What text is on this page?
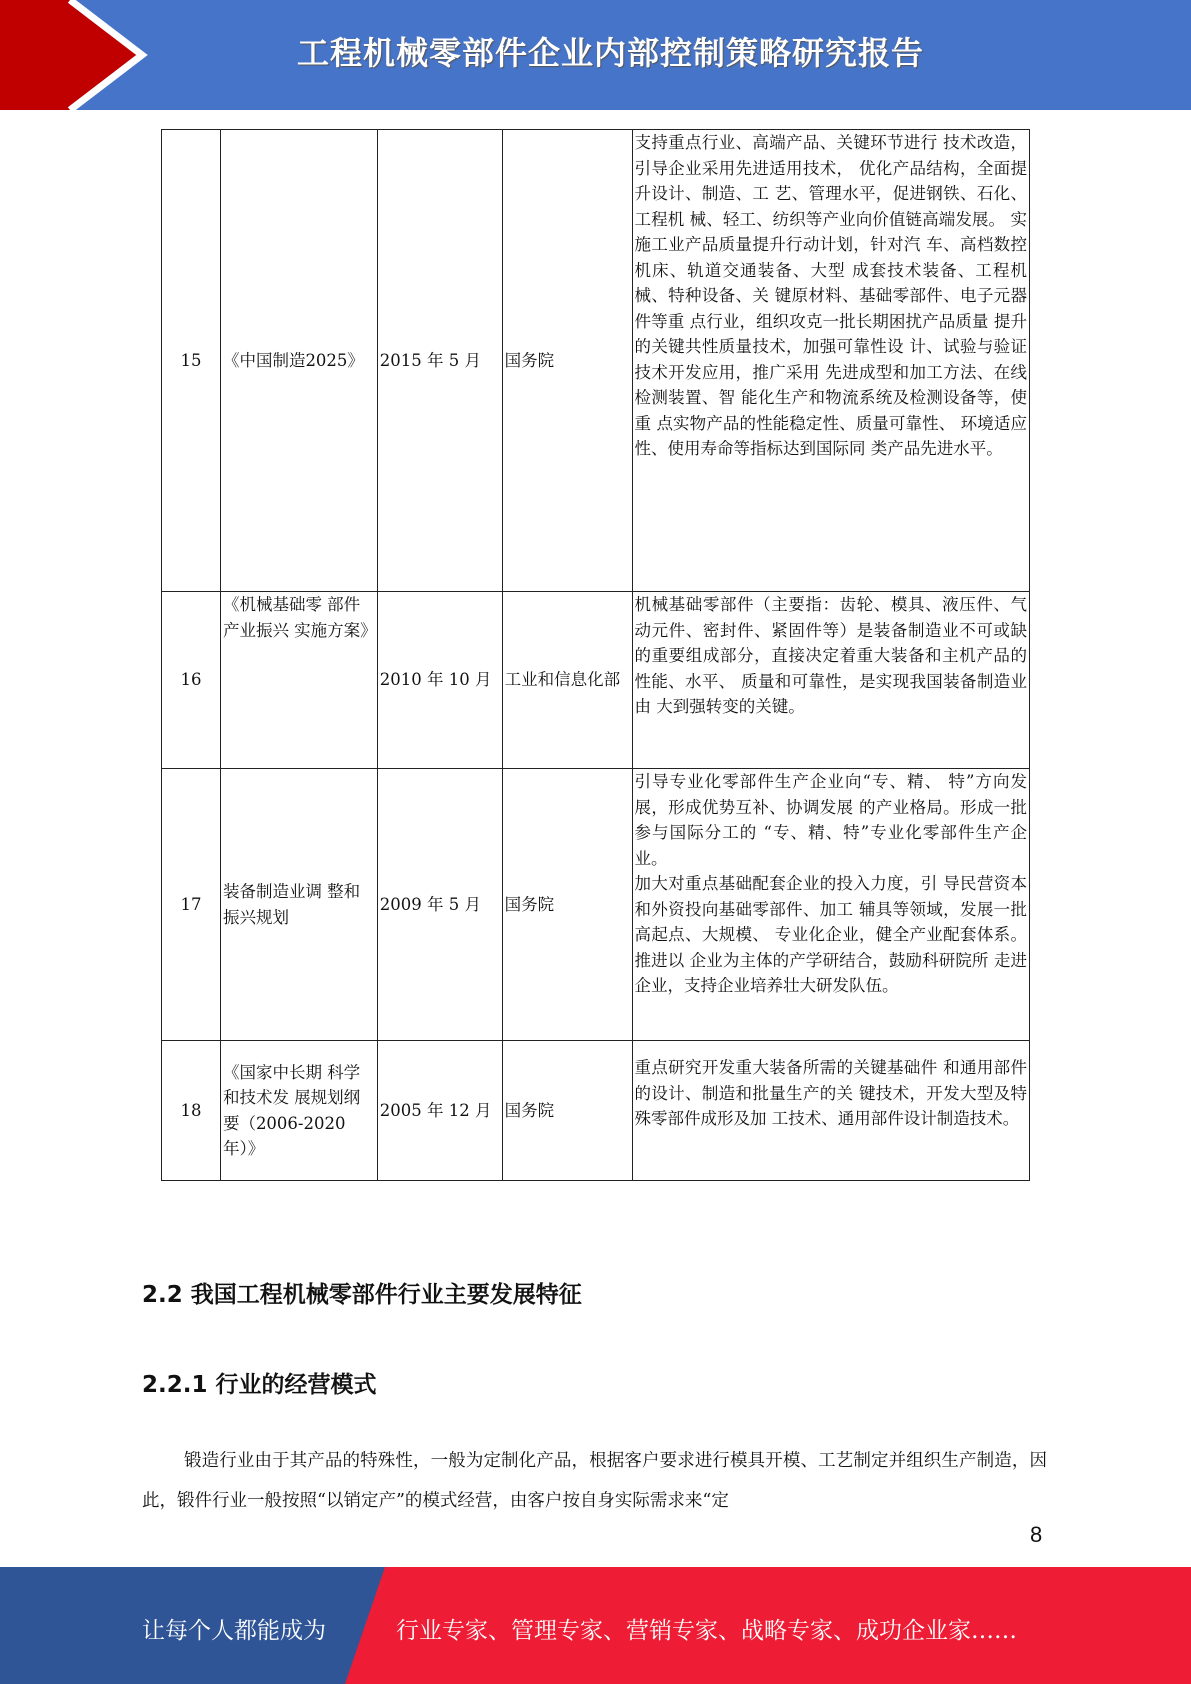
工程机械零部件企业内部控制策略研究报告
15	《中国制造2025》	2015 年 5 月	国务院	支持重点行业、高端产品、关键环节进行 技术改造，引导企业采用先进适用技术， 优化产品结构，全面提升设计、制造、工 艺、管理水平，促进钢铁、石化、工程机 械、轻工、纺织等产业向价值链高端发展。 实施工业产品质量提升行动计划，针对汽 车、高档数控机床、轨道交通装备、大型 成套技术装备、工程机械、特种设备、关 键原材料、基础零部件、电子元器件等重 点行业，组织攻克一批长期困扰产品质量 提升的关键共性质量技术，加强可靠性设 计、试验与验证技术开发应用，推广采用 先进成型和加工方法、在线检测装置、智 能化生产和物流系统及检测设备等，使重 点实物产品的性能稳定性、质量可靠性、 环境适应性、使用寿命等指标达到国际同 类产品先进水平。
16	《机械基础零 部件产业振兴 实施方案》	2010 年 10 月	工业和信息化部	机械基础零部件（主要指：齿轮、模具、液压件、气动元件、密封件、紧固件等）是装备制造业不可或缺的重要组成部分，直接决定着重大装备和主机产品的性能、水平、 质量和可靠性，是实现我国装备制造业由 大到强转变的关键。
17	装备制造业调 整和振兴规划	2009 年 5 月	国务院	引导专业化零部件生产企业向“专、精、 特”方向发展，形成优势互补、协调发展 的产业格局。形成一批参与国际分工的 “专、精、特”专业化零部件生产企业。
加大对重点基础配套企业的投入力度，引 导民营资本和外资投向基础零部件、加工 辅具等领域，发展一批高起点、大规模、 专业化企业，健全产业配套体系。推进以 企业为主体的产学研结合，鼓励科研院所 走进企业，支持企业培养壮大研发队伍。

18	《国家中长期 科学和技术发 展规划纲要（2006-2020年）》	2005 年 12 月	国务院	重点研究开发重大装备所需的关键基础件 和通用部件的设计、制造和批量生产的关 键技术，开发大型及特殊零部件成形及加 工技术、通用部件设计制造技术。
2.2 我国工程机械零部件行业主要发展特征
2.2.1 行业的经营模式
锻造行业由于其产品的特殊性，一般为定制化产品，根据客户要求进行模具开模、工艺制定并组织生产制造，因此，锻件行业一般按照“以销定产”的模式经营，由客户按自身实际需求来“定
8
让每个人都能成为	行业专家、管理专家、营销专家、战略专家、成功企业家……
